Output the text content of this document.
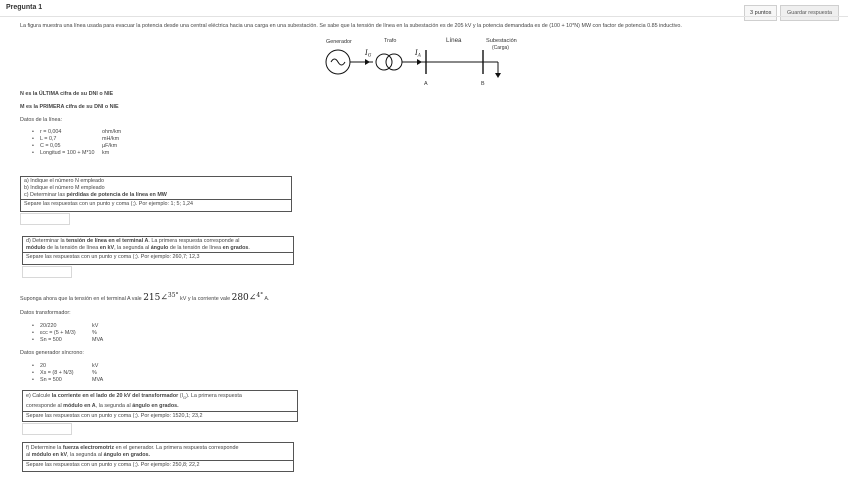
Pregunta 1
3 puntos	Guardar respuesta
La figura muestra una línea usada para evacuar la potencia desde una central eléctrica hacia una carga en una subestación. Se sabe que la tensión de línea en la subestación es de 205 kV y la potencia demandada es de (100 + 10*N) MW con factor de potencia 0.85 inductivo.
Generador	Trafo	Línea	Subestación
(Carga)
$I_G$	$I_A$
A	B
N es la ÚLTIMA cifra de su DNI o NIE
M es la PRIMERA cifra de su DNI o NIE
Datos de la línea:
• r = 0,004	ohm/km
• L = 0,7	mH/km
• C = 0,05	µF/km
• Longitud = 100 + M*10 km
a) Indique el número N empleado
b) Indique el número M empleado
c) Determinar las pérdidas de potencia de la línea en MW
Separe las respuestas con un punto y coma (;). Por ejemplo: 1; 5; 1,24
d) Determinar la tensión de línea en el terminal A. La primera respuesta corresponde al
módulo de la tensión de línea en kV, la segunda al ángulo de la tensión de línea en grados.
Separe las respuestas con un punto y coma (;). Por ejemplo: 260,7; 12,3
Suponga ahora que la tensión en el terminal A vale 215∠$^{35^\circ}$ kV y la corriente vale 280∠$^{4^\circ}$ A.
Datos transformador:
• 20/220	kV
• εcc = (5 + M/3)	%
• Sn = 500	MVA
Datos generador síncrono:
• 20	kV
• Xs = (8 + N/3)	%
• Sn = 500	MVA
e) Calcule la corriente en el lado de 20 kV del transformador $(I_G)$. La primera respuesta
corresponde al módulo en A, la segunda al ángulo en grados.
Separe las respuestas con un punto y coma (;). Por ejemplo: 1520,1; 23,2
f) Determine la fuerza electromotriz en el generador. La primera respuesta corresponde
al módulo en kV, la segunda al ángulo en grados.
Separe las respuestas con un punto y coma (;). Por ejemplo: 250,8; 22,2
